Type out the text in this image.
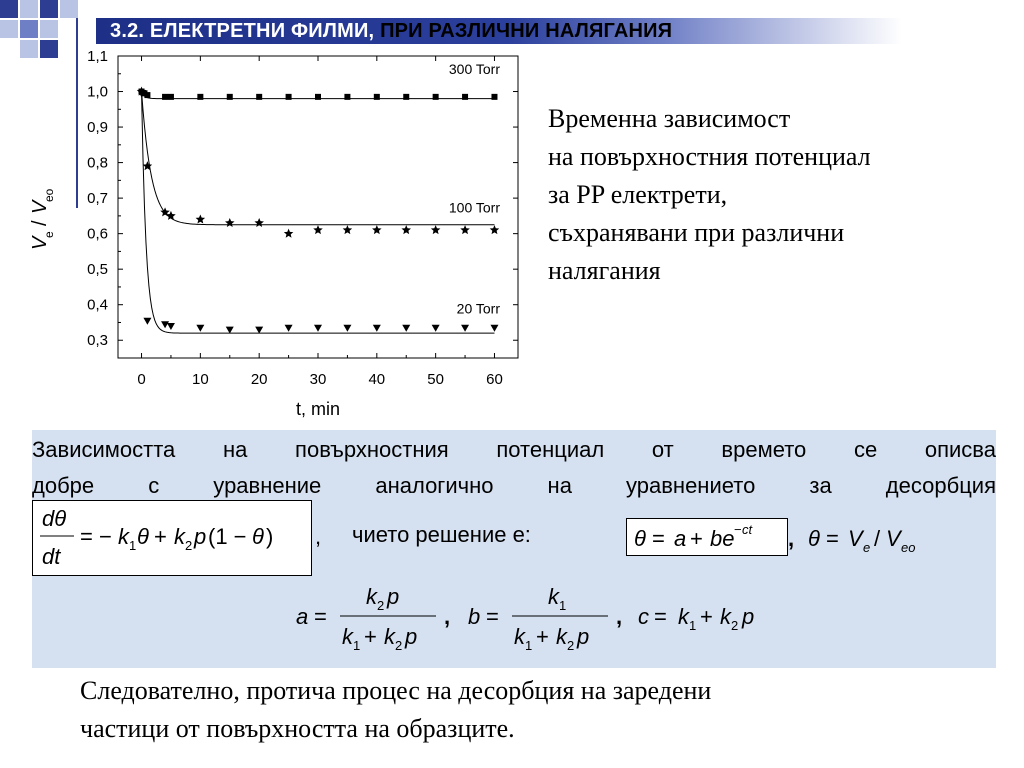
3.2. ЕЛЕКТРЕТНИ ФИЛМИ, ПРИ РАЗЛИЧНИ НАЛЯГАНИЯ
0	10	20	30	40	50	60
0,3
0,4
0,5
0,6
0,7
0,8
0,9
1,0
1,1
300 Torr
100 Torr
20 Torr
t, min
V
e
/
V
eo
Временна зависимост
на повърхностния потенциал
за PP електрети,
съхранявани при различни
налягания
Зависимостта на повърхностния потенциал от времето се описва
добре с уравнение аналогично на уравнението за десорбция
dθ
dt
= − k 1 θ + k 2 p (1 − θ ) , чието решение е:	θ = a + be − ct , θ = V e / V eo
a =
k 2 p
k 1 + k 2 p
, b =
k 1
k 1 + k 2 p
, c = k 1 + k 2 p
Следователно, протича процес на десорбция на заредени
частици от повърхността на образците.
